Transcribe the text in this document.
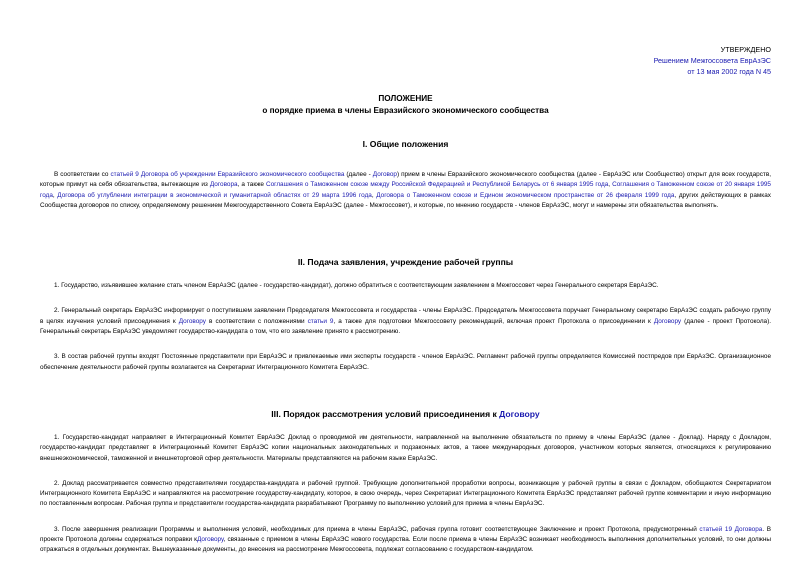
УТВЕРЖДЕНО
Решением Межгоссовета ЕврАзЭС
от 13 мая 2002 года N 45
ПОЛОЖЕНИЕ
о порядке приема в члены Евразийского экономического сообщества
I. Общие положения
В соответствии со статьей 9 Договора об учреждении Евразийского экономического сообщества (далее - Договор) прием в члены Евразийского экономического сообщества (далее - ЕврАзЭС или Сообщество) открыт для всех государств, которые примут на себя обязательства, вытекающие из Договора, а также Соглашения о Таможенном союзе между Российской Федерацией и Республикой Беларусь от 6 января 1995 года, Соглашения о Таможенном союзе от 20 января 1995 года, Договора об углублении интеграции в экономической и гуманитарной областях от 29 марта 1996 года, Договора о Таможенном союзе и Едином экономическом пространстве от 26 февраля 1999 года, других действующих в рамках Сообщества договоров по списку, определяемому решением Межгосударственного Совета ЕврАзЭС (далее - Межгоссовет), и которые, по мнению государств - членов ЕврАзЭС, могут и намерены эти обязательства выполнять.
II. Подача заявления, учреждение рабочей группы
1. Государство, изъявившее желание стать членом ЕврАзЭС (далее - государство-кандидат), должно обратиться с соответствующим заявлением в Межгоссовет через Генерального секретаря ЕврАзЭС.
2. Генеральный секретарь ЕврАзЭС информирует о поступившем заявлении Председателя Межгоссовета и государства - члены ЕврАзЭС. Председатель Межгоссовета поручает Генеральному секретарю ЕврАзЭС создать рабочую группу в целях изучения условий присоединения к Договору в соответствии с положениями статьи 9, а также для подготовки Межгоссовету рекомендаций, включая проект Протокола о присоединении к Договору (далее - проект Протокола). Генеральный секретарь ЕврАзЭС уведомляет государство-кандидата о том, что его заявление принято к рассмотрению.
3. В состав рабочей группы входят Постоянные представители при ЕврАзЭС и привлекаемые ими эксперты государств - членов ЕврАзЭС. Регламент рабочей группы определяется Комиссией постпредов при ЕврАзЭС. Организационное обеспечение деятельности рабочей группы возлагается на Секретариат Интеграционного Комитета ЕврАзЭС.
III. Порядок рассмотрения условий присоединения к Договору
1. Государство-кандидат направляет в Интеграционный Комитет ЕврАзЭС Доклад о проводимой им деятельности, направленной на выполнение обязательств по приему в члены ЕврАзЭС (далее - Доклад). Наряду с Докладом, государство-кандидат представляет в Интеграционный Комитет ЕврАзЭС копии национальных законодательных и подзаконных актов, а также международных договоров, участником которых является, относящихся к регулированию внешнеэкономической, таможенной и внешнеторговой сфер деятельности. Материалы представляются на рабочем языке ЕврАзЭС.
2. Доклад рассматривается совместно представителями государства-кандидата и рабочей группой. Требующие дополнительной проработки вопросы, возникающие у рабочей группы в связи с Докладом, обобщаются Секретариатом Интеграционного Комитета ЕврАзЭС и направляются на рассмотрение государству-кандидату, которое, в свою очередь, через Секретариат Интеграционного Комитета ЕврАзЭС представляет рабочей группе комментарии и иную информацию по поставленным вопросам. Рабочая группа и представители государства-кандидата разрабатывают Программу по выполнению условий для приема в члены ЕврАзЭС.
3. После завершения реализации Программы и выполнения условий, необходимых для приема в члены ЕврАзЭС, рабочая группа готовит соответствующее Заключение и проект Протокола, предусмотренный статьей 19 Договора. В проекте Протокола должны содержаться поправки кДоговору, связанные с приемом в члены ЕврАзЭС нового государства. Если после приема в члены ЕврАзЭС возникает необходимость выполнения дополнительных условий, то они должны отражаться в отдельных документах. Вышеуказанные документы, до внесения на рассмотрение Межгоссовета, подлежат согласованию с государством-кандидатом.
